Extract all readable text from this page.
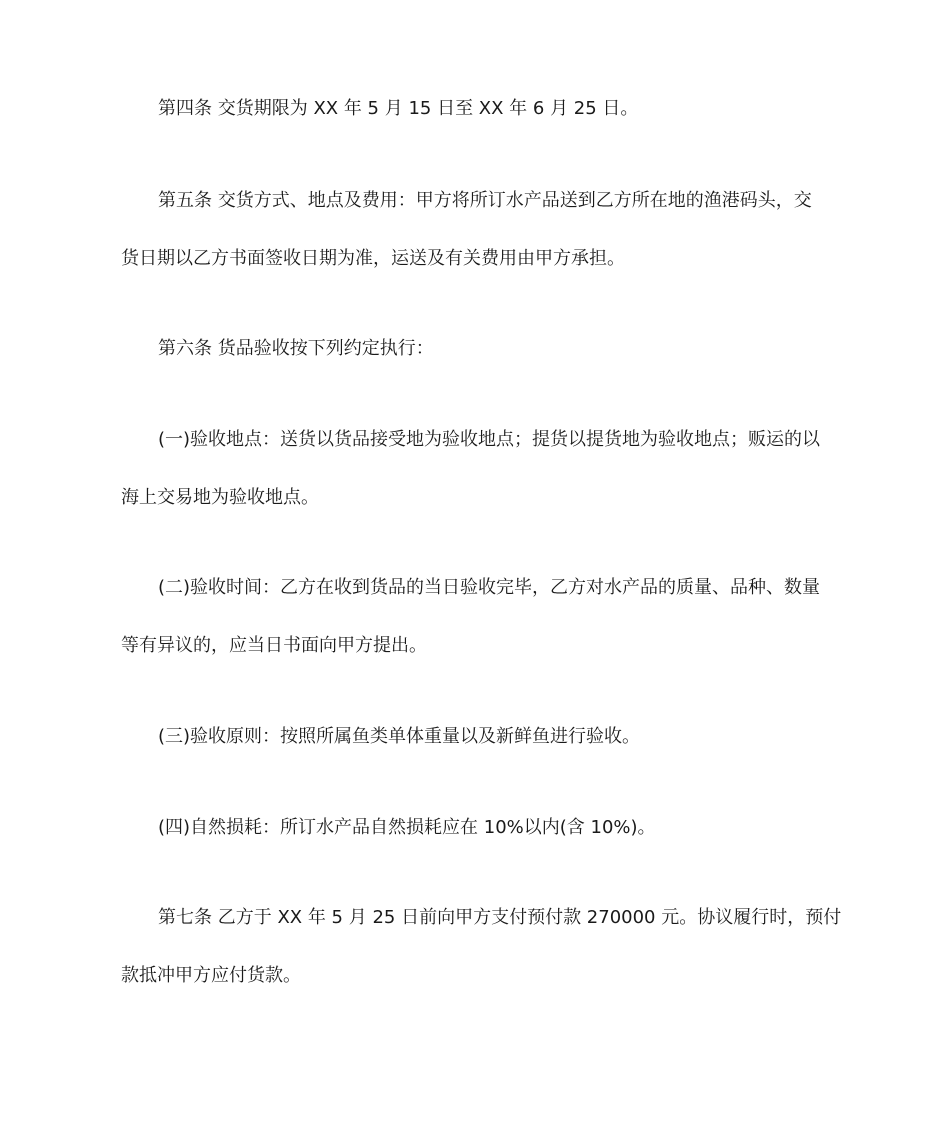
第四条 交货期限为 XX 年 5 月 15 日至 XX 年 6 月 25 日。
第五条 交货方式、地点及费用：甲方将所订水产品送到乙方所在地的渔港码头，交
货日期以乙方书面签收日期为准，运送及有关费用由甲方承担。
第六条 货品验收按下列约定执行：
(一)验收地点：送货以货品接受地为验收地点；提货以提货地为验收地点；贩运的以
海上交易地为验收地点。
(二)验收时间：乙方在收到货品的当日验收完毕，乙方对水产品的质量、品种、数量
等有异议的，应当日书面向甲方提出。
(三)验收原则：按照所属鱼类单体重量以及新鲜鱼进行验收。
(四)自然损耗：所订水产品自然损耗应在 10%以内(含 10%)。
第七条 乙方于 XX 年 5 月 25 日前向甲方支付预付款 270000 元。协议履行时，预付
款抵冲甲方应付货款。
